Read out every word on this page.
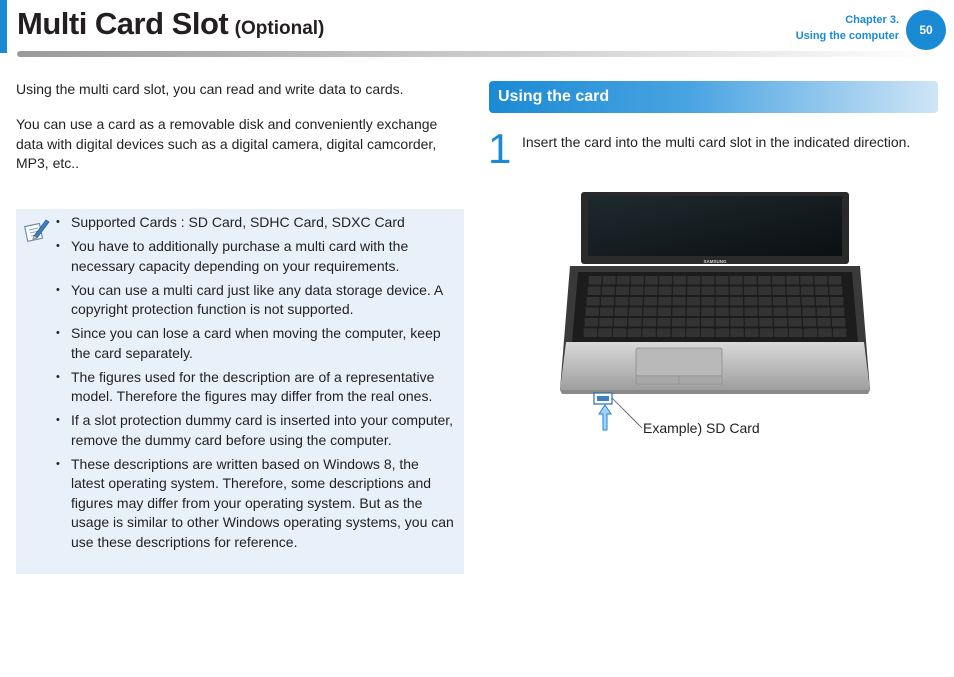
Multi Card Slot (Optional)	Chapter 3.
Using the computer	50

Using the multi card slot, you can read and write data to cards.

You can use a card as a removable disk and conveniently exchange data with digital devices such as a digital camera, digital camcorder, MP3, etc..

• Supported Cards : SD Card, SDHC Card, SDXC Card
• You have to additionally purchase a multi card with the necessary capacity depending on your requirements.
• You can use a multi card just like any data storage device. A copyright protection function is not supported.
• Since you can lose a card when moving the computer, keep the card separately.
• The figures used for the description are of a representative model. Therefore the figures may differ from the real ones.
• If a slot protection dummy card is inserted into your computer, remove the dummy card before using the computer.
• These descriptions are written based on Windows 8, the latest operating system. Therefore, some descriptions and figures may differ from your operating system. But as the usage is similar to other Windows operating systems, you can use these descriptions for reference.
Using the card
1 Insert the card into the multi card slot in the indicated direction.

SAMSUNG
Example) SD Card
